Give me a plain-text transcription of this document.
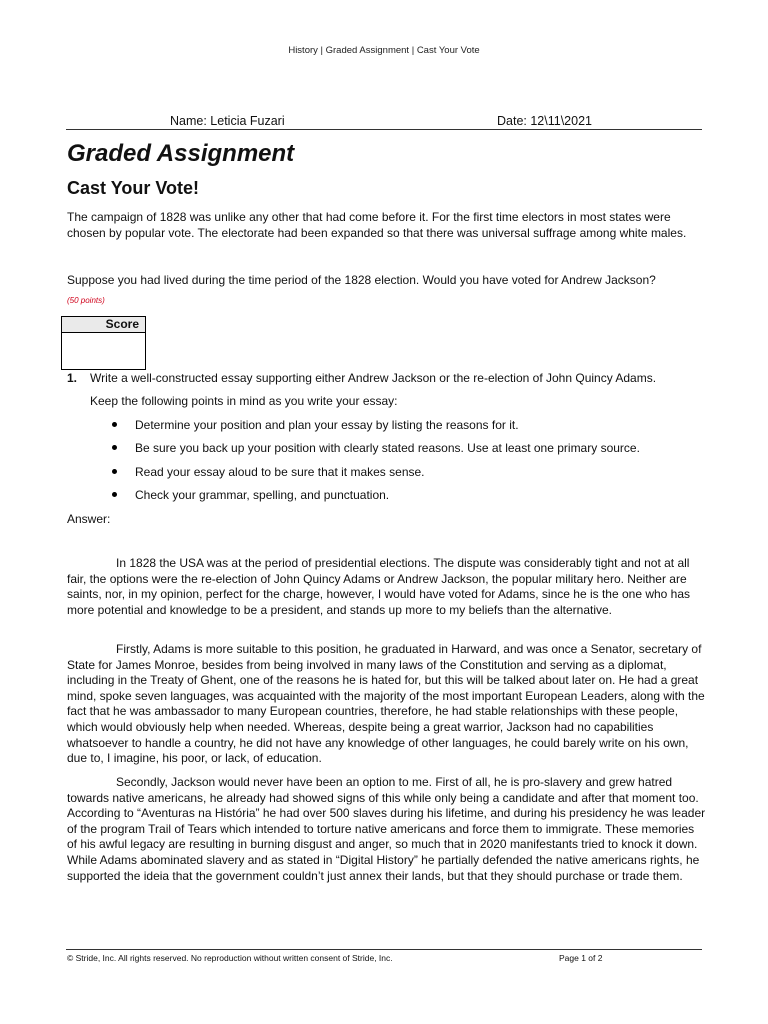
History | Graded Assignment | Cast Your Vote
Name: Leticia Fuzari	Date: 12\11\2021
Graded Assignment
Cast Your Vote!
The campaign of 1828 was unlike any other that had come before it. For the first time electors in most states were chosen by popular vote. The electorate had been expanded so that there was universal suffrage among white males.
Suppose you had lived during the time period of the 1828 election. Would you have voted for Andrew Jackson?
(50 points)
Score
1. Write a well-constructed essay supporting either Andrew Jackson or the re-election of John Quincy Adams.
Keep the following points in mind as you write your essay:
Determine your position and plan your essay by listing the reasons for it.
Be sure you back up your position with clearly stated reasons. Use at least one primary source.
Read your essay aloud to be sure that it makes sense.
Check your grammar, spelling, and punctuation.
Answer:

In 1828 the USA was at the period of presidential elections. The dispute was considerably tight and not at all fair, the options were the re-election of John Quincy Adams or Andrew Jackson, the popular military hero. Neither are saints, nor, in my opinion, perfect for the charge, however, I would have voted for Adams, since he is the one who has more potential and knowledge to be a president, and stands up more to my beliefs than the alternative.

Firstly, Adams is more suitable to this position, he graduated in Harward, and was once a Senator, secretary of State for James Monroe, besides from being involved in many laws of the Constitution and serving as a diplomat, including in the Treaty of Ghent, one of the reasons he is hated for, but this will be talked about later on. He had a great mind, spoke seven languages, was acquainted with the majority of the most important European Leaders, along with the fact that he was ambassador to many European countries, therefore, he had stable relationships with these people, which would obviously help when needed. Whereas, despite being a great warrior, Jackson had no capabilities whatsoever to handle a country, he did not have any knowledge of other languages, he could barely write on his own, due to, I imagine, his poor, or lack, of education.

Secondly, Jackson would never have been an option to me. First of all, he is pro-slavery and grew hatred towards native americans, he already had showed signs of this while only being a candidate and after that moment too. According to “Aventuras na História” he had over 500 slaves during his lifetime, and during his presidency he was leader of the program Trail of Tears which intended to torture native americans and force them to immigrate. These memories of his awful legacy are resulting in burning disgust and anger, so much that in 2020 manifestants tried to knock it down. While Adams abominated slavery and as stated in “Digital History” he partially defended the native americans rights, he supported the ideia that the government couldn’t just annex their lands, but that they should purchase or trade them.

© Stride, Inc. All rights reserved. No reproduction without written consent of Stride, Inc.	Page 1 of 2
